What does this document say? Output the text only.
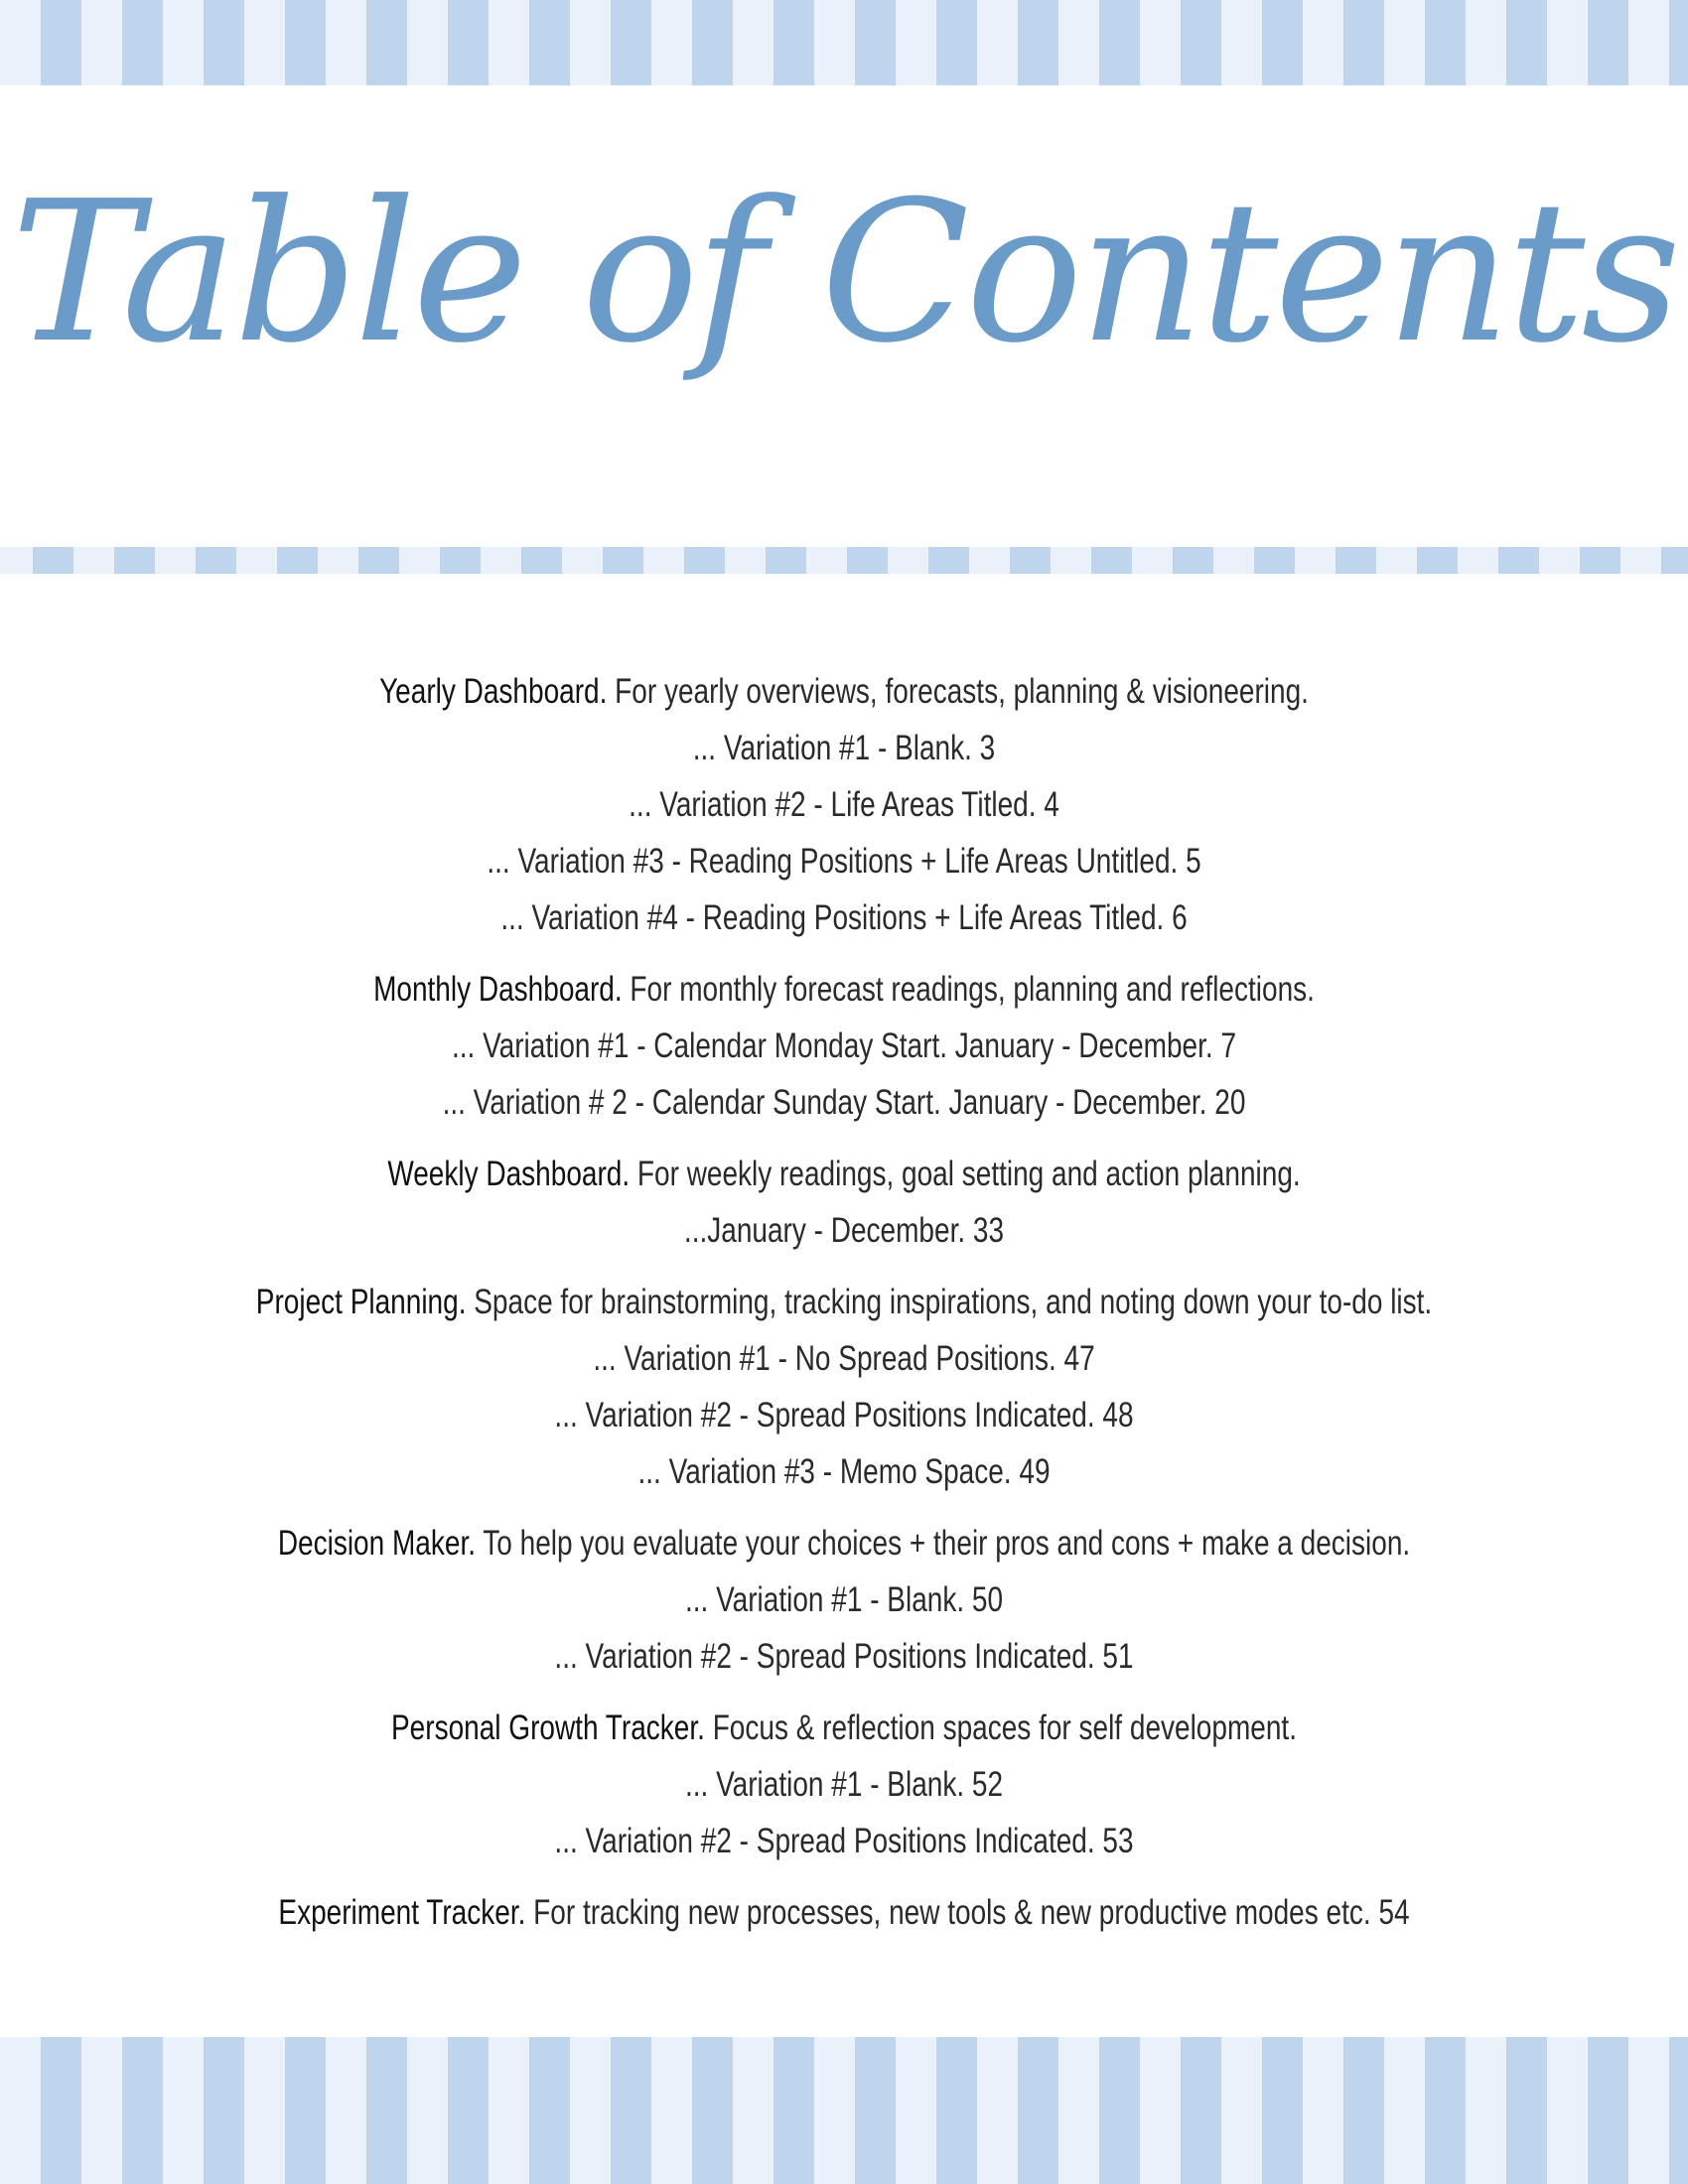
Table of Contents
Yearly Dashboard. For yearly overviews, forecasts, planning & visioneering.
... Variation #1 - Blank. 3
... Variation #2 - Life Areas Titled. 4
... Variation #3 - Reading Positions + Life Areas Untitled. 5
... Variation #4 - Reading Positions + Life Areas Titled. 6
Monthly Dashboard. For monthly forecast readings, planning and reflections.
... Variation #1 - Calendar Monday Start. January - December. 7
... Variation # 2 - Calendar Sunday Start. January - December. 20
Weekly Dashboard. For weekly readings, goal setting and action planning.
...January - December. 33
Project Planning. Space for brainstorming, tracking inspirations, and noting down your to-do list.
... Variation #1 - No Spread Positions. 47
... Variation #2 - Spread Positions Indicated. 48
... Variation #3 - Memo Space. 49
Decision Maker. To help you evaluate your choices + their pros and cons + make a decision.
... Variation #1 - Blank. 50
... Variation #2 - Spread Positions Indicated. 51
Personal Growth Tracker. Focus & reflection spaces for self development.
... Variation #1 - Blank. 52
... Variation #2 - Spread Positions Indicated. 53
Experiment Tracker. For tracking new processes, new tools & new productive modes etc. 54
